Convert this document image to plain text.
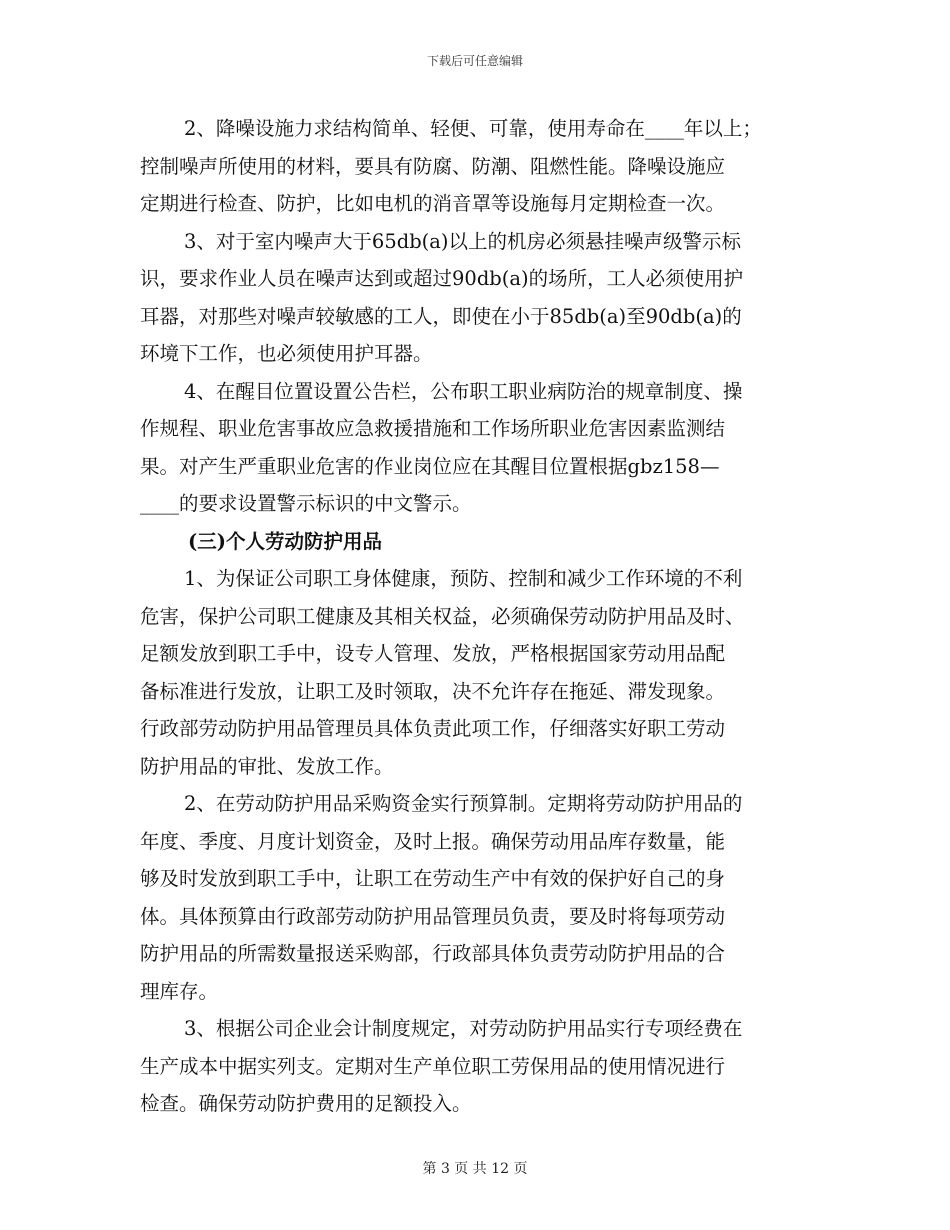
下载后可任意编辑
2、降噪设施力求结构简单、轻便、可靠，使用寿命在____年以上；
控制噪声所使用的材料，要具有防腐、防潮、阻燃性能。降噪设施应
定期进行检查、防护，比如电机的消音罩等设施每月定期检查一次。
3、对于室内噪声大于65db(a)以上的机房必须悬挂噪声级警示标
识，要求作业人员在噪声达到或超过90db(a)的场所，工人必须使用护
耳器，对那些对噪声较敏感的工人，即使在小于85db(a)至90db(a)的
环境下工作，也必须使用护耳器。
4、在醒目位置设置公告栏，公布职工职业病防治的规章制度、操
作规程、职业危害事故应急救援措施和工作场所职业危害因素监测结
果。对产生严重职业危害的作业岗位应在其醒目位置根据gbz158—
____的要求设置警示标识的中文警示。
(三)个人劳动防护用品
1、为保证公司职工身体健康，预防、控制和减少工作环境的不利
危害，保护公司职工健康及其相关权益，必须确保劳动防护用品及时、
足额发放到职工手中，设专人管理、发放，严格根据国家劳动用品配
备标准进行发放，让职工及时领取，决不允许存在拖延、滞发现象。
行政部劳动防护用品管理员具体负责此项工作，仔细落实好职工劳动
防护用品的审批、发放工作。
2、在劳动防护用品采购资金实行预算制。定期将劳动防护用品的
年度、季度、月度计划资金，及时上报。确保劳动用品库存数量，能
够及时发放到职工手中，让职工在劳动生产中有效的保护好自己的身
体。具体预算由行政部劳动防护用品管理员负责，要及时将每项劳动
防护用品的所需数量报送采购部，行政部具体负责劳动防护用品的合
理库存。
3、根据公司企业会计制度规定，对劳动防护用品实行专项经费在
生产成本中据实列支。定期对生产单位职工劳保用品的使用情况进行
检查。确保劳动防护费用的足额投入。
第 3 页 共 12 页
